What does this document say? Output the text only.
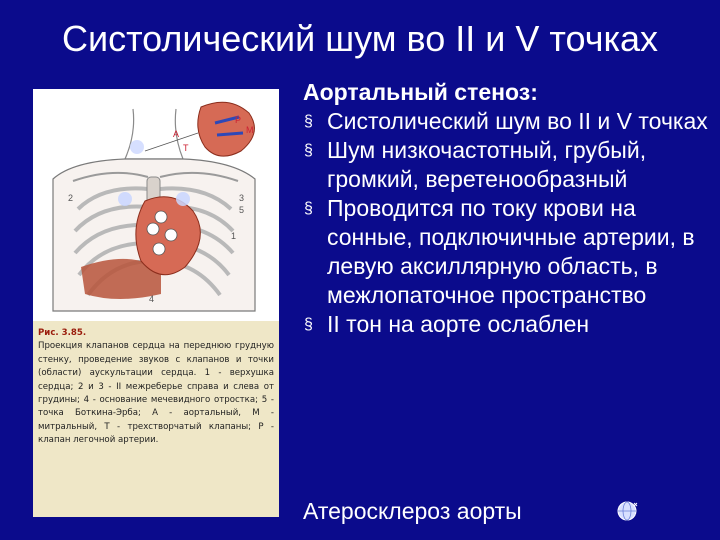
Систолический шум во II и V точках
2	3
5
1
4
А	М
Р
Т
Рис. 3.85.
Проекция клапанов сердца на переднюю грудную стенку, проведение звуков с клапанов и точки (области) аускультации сердца. 1 - верхушка сердца; 2 и 3 - II межреберье справа и слева от грудины; 4 - основание мечевидного отростка; 5 - точка Боткина-Эрба; А - аортальный, М - митральный, Т - трехстворчатый клапаны; Р - клапан легочной артерии.

Аортальный стеноз:

§ Систолический шум во II и V точках
§ Шум низкочастотный, грубый, громкий, веретенообразный
§ Проводится по току крови на сонные, подключичные артерии, в левую аксиллярную область, в межлопаточное пространство
§ II тон на аорте ослаблен
Атеросклероз аорты
